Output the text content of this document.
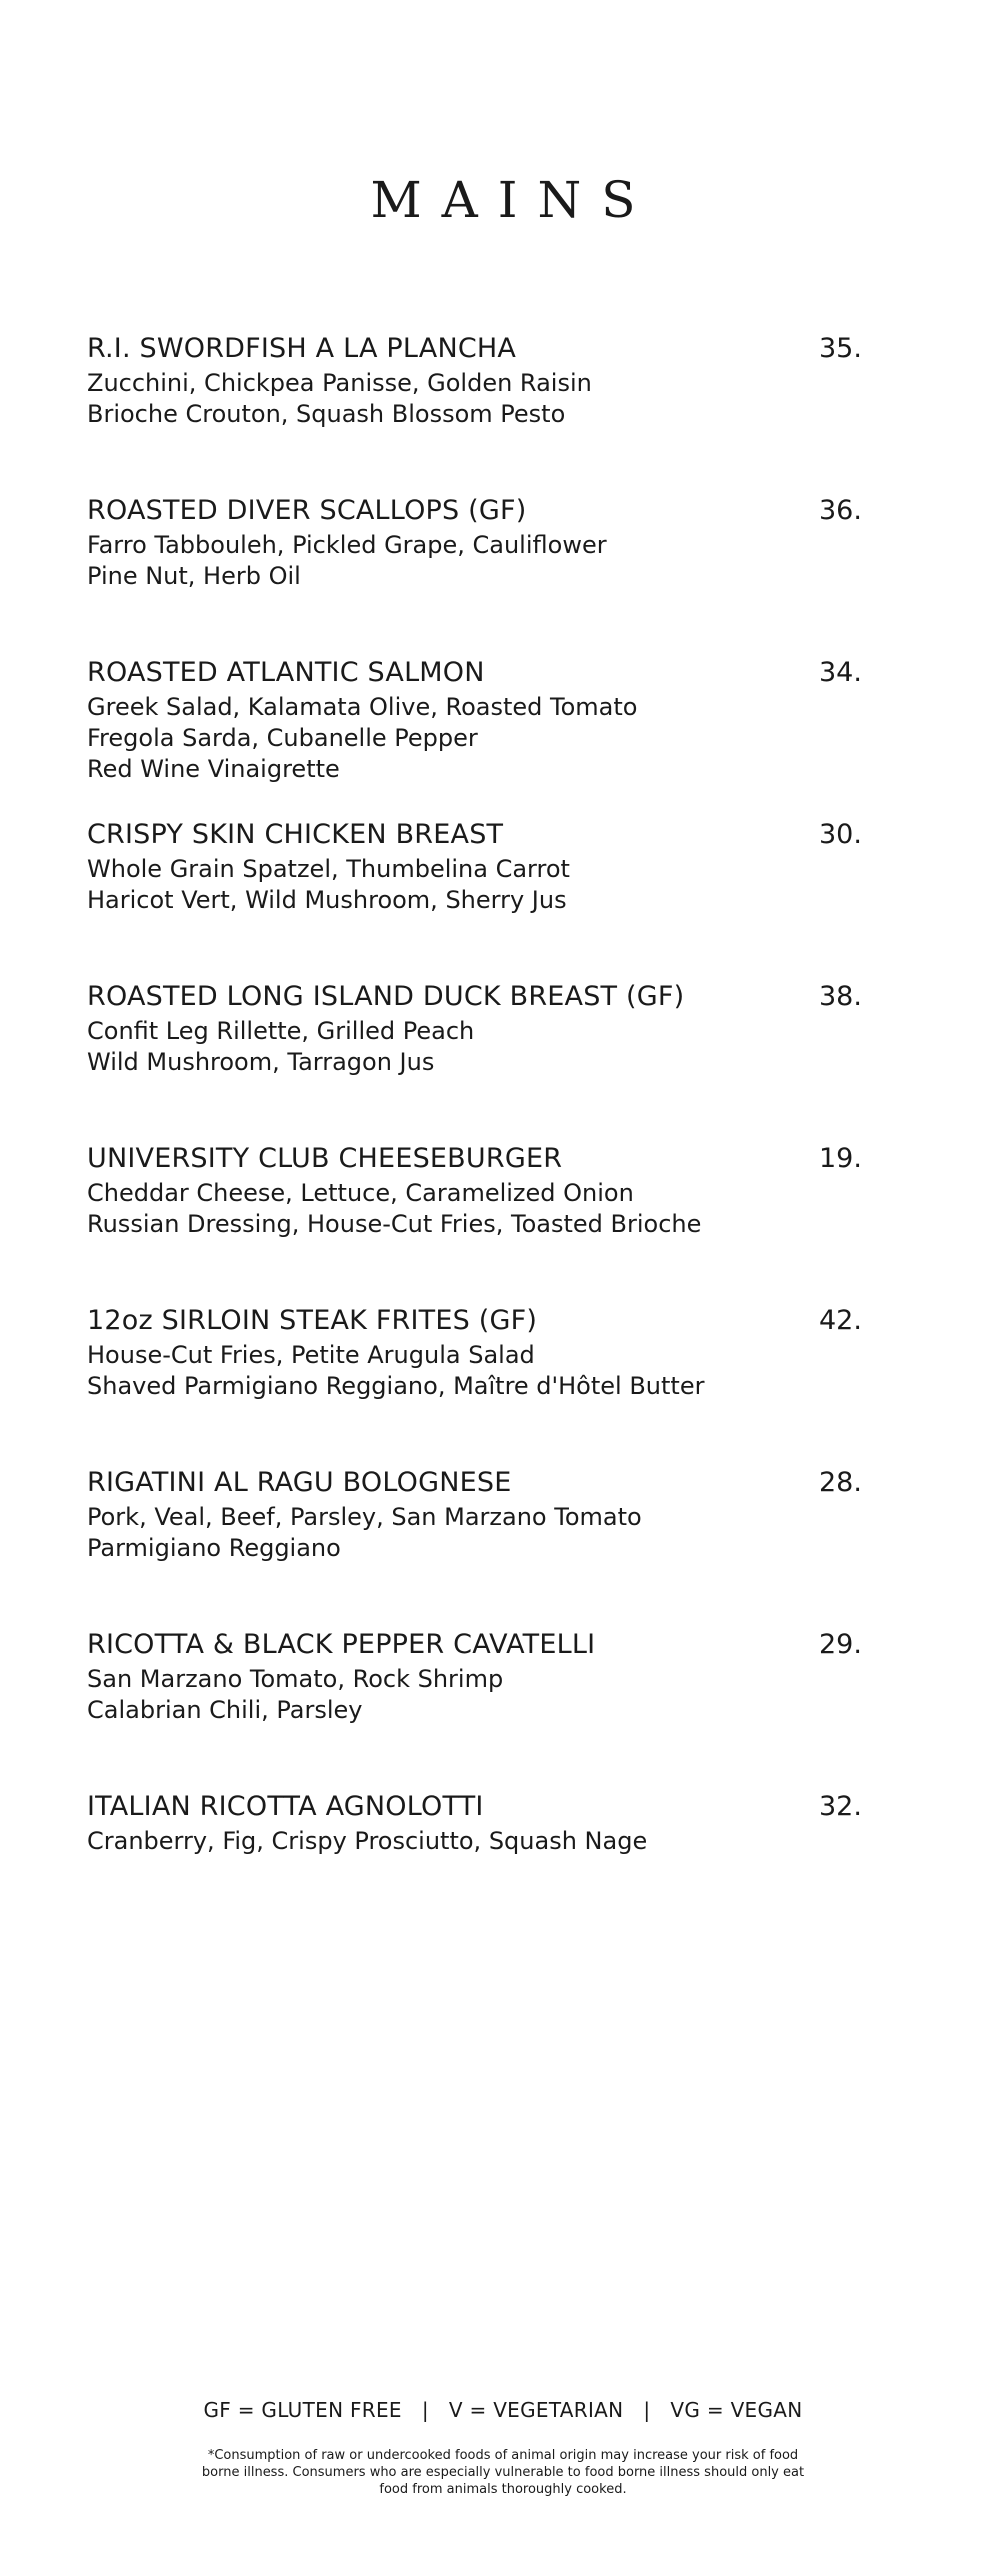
MAINS
R.I. SWORDFISH A LA PLANCHA	35.
Zucchini, Chickpea Panisse, Golden Raisin
Brioche Crouton, Squash Blossom Pesto
ROASTED DIVER SCALLOPS (GF)	36.
Farro Tabbouleh, Pickled Grape, Cauliflower
Pine Nut, Herb Oil
ROASTED ATLANTIC SALMON	34.
Greek Salad, Kalamata Olive, Roasted Tomato
Fregola Sarda, Cubanelle Pepper
Red Wine Vinaigrette
CRISPY SKIN CHICKEN BREAST	30.
Whole Grain Spatzel, Thumbelina Carrot
Haricot Vert, Wild Mushroom, Sherry Jus
ROASTED LONG ISLAND DUCK BREAST (GF)	38.
Confit Leg Rillette, Grilled Peach
Wild Mushroom, Tarragon Jus
UNIVERSITY CLUB CHEESEBURGER	19.
Cheddar Cheese, Lettuce, Caramelized Onion
Russian Dressing, House-Cut Fries, Toasted Brioche
12oz SIRLOIN STEAK FRITES (GF)	42.
House-Cut Fries, Petite Arugula Salad
Shaved Parmigiano Reggiano, Maître d'Hôtel Butter
RIGATINI AL RAGU BOLOGNESE	28.
Pork, Veal, Beef, Parsley, San Marzano Tomato
Parmigiano Reggiano
RICOTTA & BLACK PEPPER CAVATELLI	29.
San Marzano Tomato, Rock Shrimp
Calabrian Chili, Parsley
ITALIAN RICOTTA AGNOLOTTI	32.
Cranberry, Fig, Crispy Prosciutto, Squash Nage
GF = GLUTEN FREE   |   V = VEGETARIAN   |   VG = VEGAN
*Consumption of raw or undercooked foods of animal origin may increase your risk of food borne illness. Consumers who are especially vulnerable to food borne illness should only eat food from animals thoroughly cooked.
